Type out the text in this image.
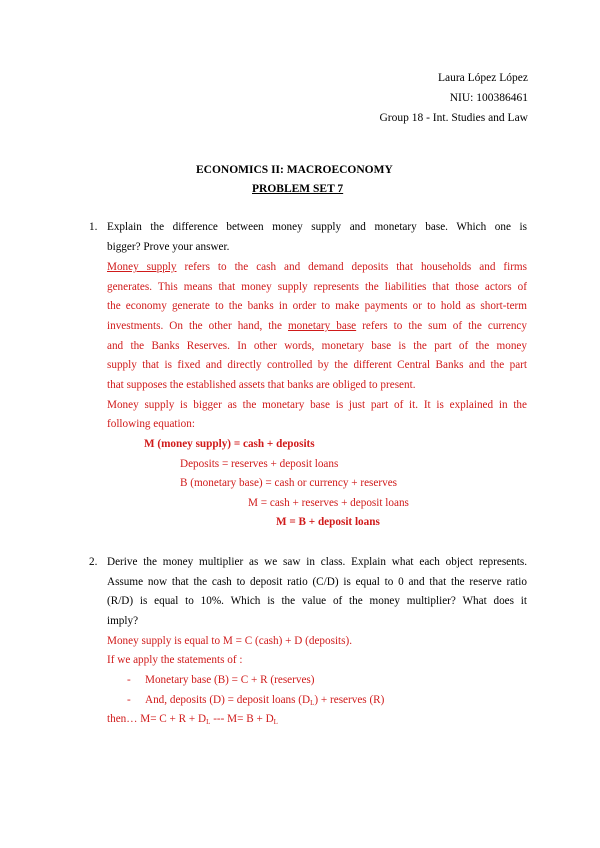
Laura López López
NIU: 100386461
Group 18 - Int. Studies and Law
ECONOMICS II: MACROECONOMY
PROBLEM SET 7
1. Explain the difference between money supply and monetary base. Which one is
bigger? Prove your answer.
Money supply refers to the cash and demand deposits that households and firms
generates. This means that money supply represents the liabilities that those actors of
the economy generate to the banks in order to make payments or to hold as short-term
investments. On the other hand, the monetary base refers to the sum of the currency
and the Banks Reserves. In other words, monetary base is the part of the money
supply that is fixed and directly controlled by the different Central Banks and the part
that supposes the established assets that banks are obliged to present.
Money supply is bigger as the monetary base is just part of it. It is explained in the
following equation:
M (money supply) = cash + deposits
Deposits = reserves + deposit loans
B (monetary base) = cash or currency + reserves
M = cash + reserves + deposit loans
M = B + deposit loans
2. Derive the money multiplier as we saw in class. Explain what each object represents.
Assume now that the cash to deposit ratio (C/D) is equal to 0 and that the reserve ratio
(R/D) is equal to 10%. Which is the value of the money multiplier? What does it
imply?
Money supply is equal to M = C (cash) + D (deposits).
If we apply the statements of :
- Monetary base (B) = C + R (reserves)
- And, deposits (D) = deposit loans $(D_L)$ + reserves (R)
then… $M= C + R + D_L$ --- $M= B + D_L$
